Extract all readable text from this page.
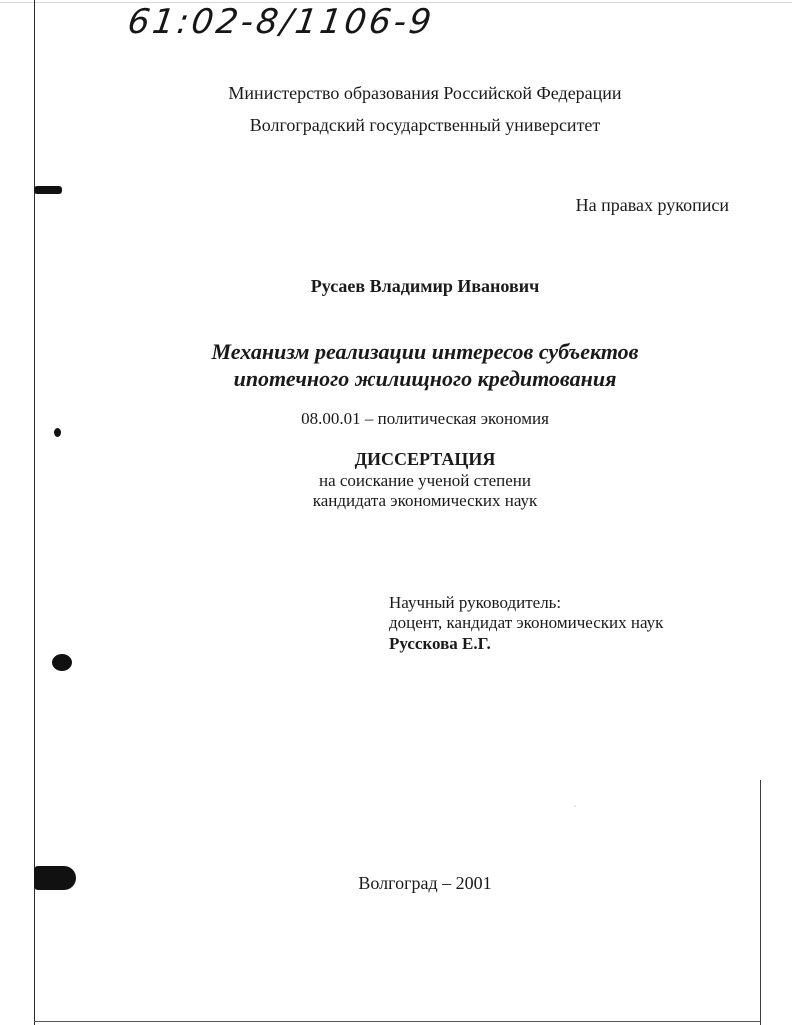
61:02-8/1106-9
Министерство образования Российской Федерации
Волгоградский государственный университет
На правах рукописи
Русаев Владимир Иванович
Механизм реализации интересов субъектов
ипотечного жилищного кредитования
08.00.01 – политическая экономия
ДИССЕРТАЦИЯ
на соискание ученой степени
кандидата экономических наук
Научный руководитель:
доцент, кандидат экономических наук
Русскова Е.Г.
Волгоград – 2001
